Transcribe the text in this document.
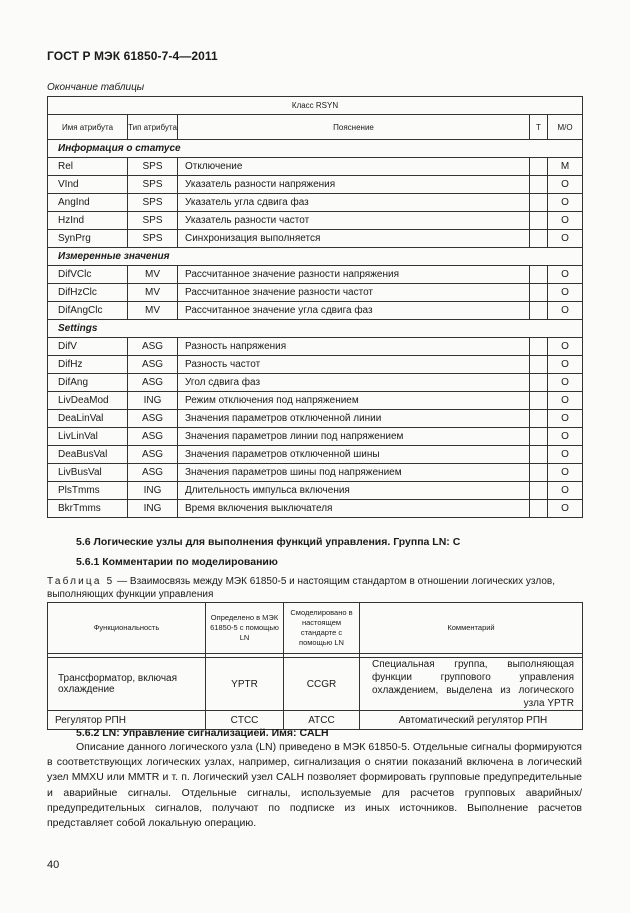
ГОСТ Р МЭК 61850-7-4—2011
Окончание таблицы
Класс RSYN				
Имя атрибута	Тип атрибута	Пояснение	Т	М/О
Информация о статусе				
Rel	SPS	Отключение		M
VInd	SPS	Указатель разности напряжения		O
AngInd	SPS	Указатель угла сдвига фаз		O
HzInd	SPS	Указатель разности частот		O
SynPrg	SPS	Синхронизация выполняется		O
Измеренные значения				
DifVClc	MV	Рассчитанное значение разности напряжения		O
DifHzClc	MV	Рассчитанное значение разности частот		O
DifAngClc	MV	Рассчитанное значение угла сдвига фаз		O
Settings				
DifV	ASG	Разность напряжения		O
DifHz	ASG	Разность частот		O
DifAng	ASG	Угол сдвига фаз		O
LivDeaMod	ING	Режим отключения под напряжением		O
DeaLinVal	ASG	Значения параметров отключенной линии		O
LivLinVal	ASG	Значения параметров линии под напряжением		O
DeaBusVal	ASG	Значения параметров отключенной шины		O
LivBusVal	ASG	Значения параметров шины под напряжением		O
PlsTmms	ING	Длительность импульса включения		O
BkrTmms	ING	Время включения выключателя		O
5.6 Логические узлы для выполнения функций управления. Группа LN: C
5.6.1 Комментарии по моделированию
Таблица 5 — Взаимосвязь между МЭК 61850-5 и настоящим стандартом в отношении логических узлов, выполняющих функции управления
Функциональность	Определено в МЭК 61850-5 с помощью LN	Смоделировано в настоящем стандарте с помощью LN	Комментарий

Трансформатор, включая охлаждение	YPTR	CCGR	Специальная группа, выполняющая функции группового управления охлаждением, выделена из логического узла YPTR
Регулятор РПН	CTCC	ATCC	Автоматический регулятор РПН
5.6.2 LN: Управление сигнализацией. Имя: CALH
Описание данного логического узла (LN) приведено в МЭК 61850-5. Отдельные сигналы формируются в соответствующих логических узлах, например, сигнализация о снятии показаний включена в логический узел MMXU или MMTR и т. п. Логический узел CALH позволяет формировать групповые предупредительные и аварийные сигналы. Отдельные сигналы, используемые для расчетов групповых аварийных/предупредительных сигналов, получают по подписке из иных источников. Выполнение расчетов представляет собой локальную операцию.
40
